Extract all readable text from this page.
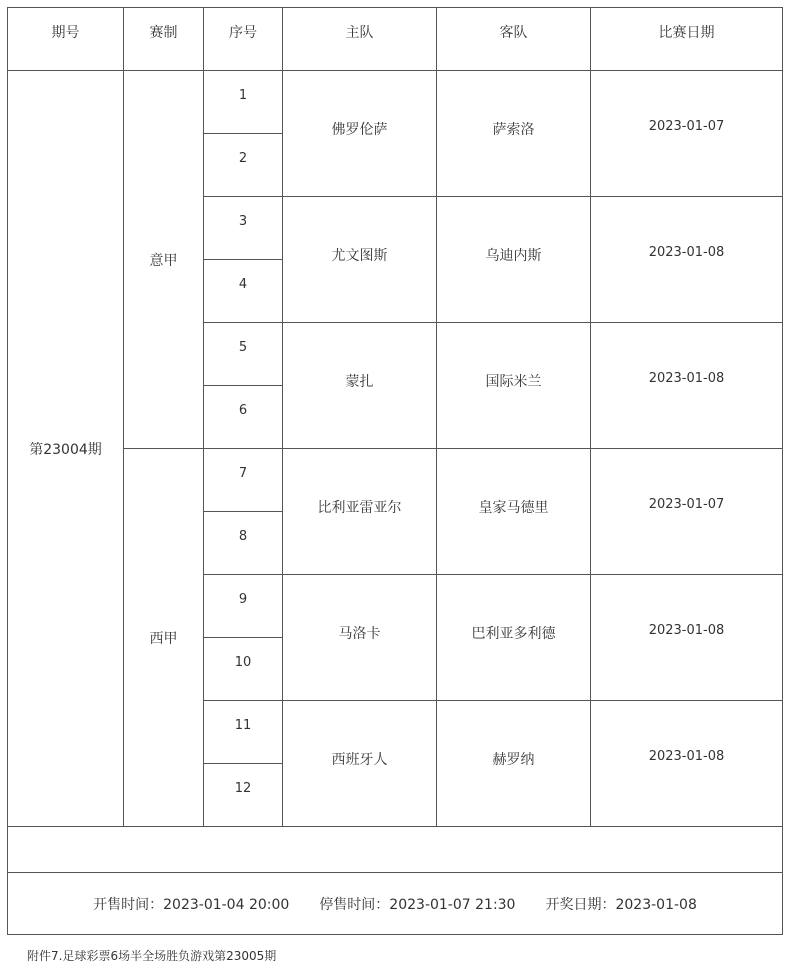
期号	赛制	序号	主队	客队	比赛日期
第23004期	意甲	1	佛罗伦萨	萨索洛	2023-01-07
		2			
		3	尤文图斯	乌迪内斯	2023-01-08
		4			
		5	蒙扎	国际米兰	2023-01-08
		6			
	西甲	7	比利亚雷亚尔	皇家马德里	2023-01-07
		8			
		9	马洛卡	巴利亚多利德	2023-01-08
		10			
		11	西班牙人	赫罗纳	2023-01-08
		12			

开售时间：2023-01-04 20:00 停售时间：2023-01-07 21:30 开奖日期：2023-01-08					
附件7.足球彩票6场半全场胜负游戏第23005期
